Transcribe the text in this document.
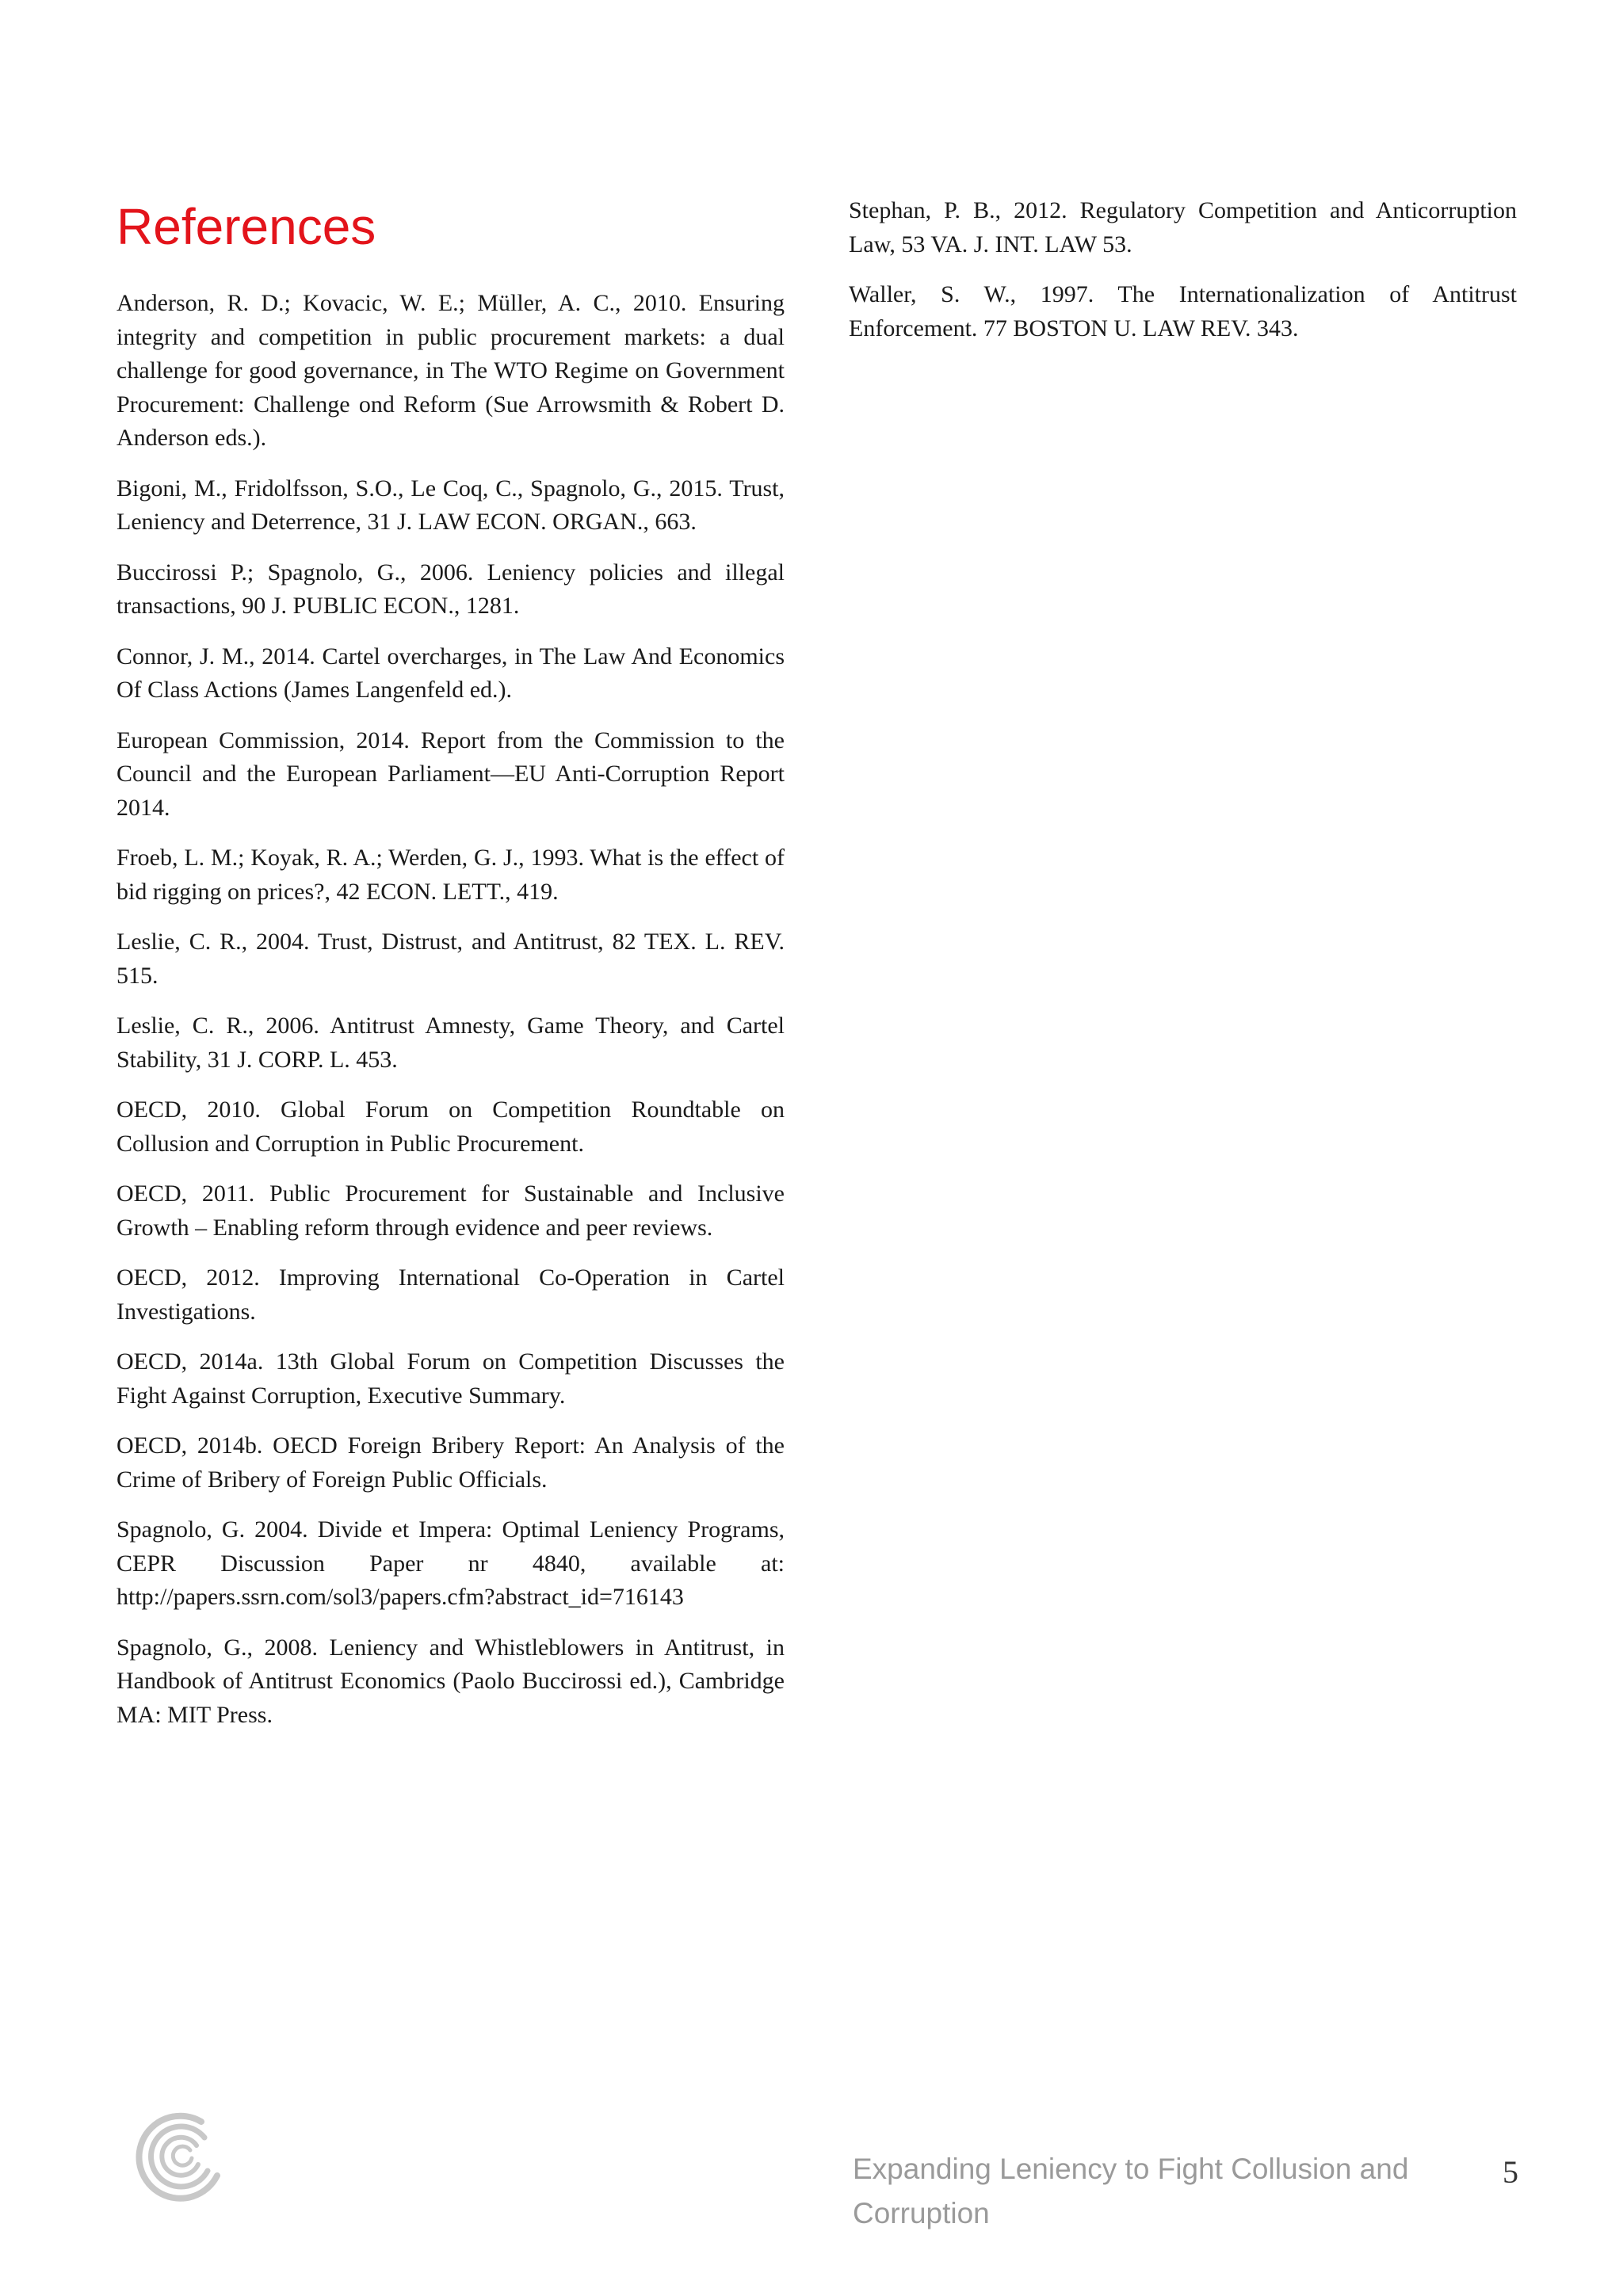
References
Anderson, R. D.; Kovacic, W. E.; Müller, A. C., 2010. Ensuring integrity and competition in public procurement markets: a dual challenge for good governance, in The WTO Regime on Government Procurement: Challenge ond Reform (Sue Arrowsmith & Robert D. Anderson eds.).
Bigoni, M., Fridolfsson, S.O., Le Coq, C., Spagnolo, G., 2015. Trust, Leniency and Deterrence, 31 J. LAW ECON. ORGAN., 663.
Buccirossi P.; Spagnolo, G., 2006. Leniency policies and illegal transactions, 90 J. PUBLIC ECON., 1281.
Connor, J. M., 2014. Cartel overcharges, in The Law And Economics Of Class Actions (James Langenfeld ed.).
European Commission, 2014. Report from the Commission to the Council and the European Parliament—EU Anti-Corruption Report 2014.
Froeb, L. M.; Koyak, R. A.; Werden, G. J., 1993. What is the effect of bid rigging on prices?, 42 ECON. LETT., 419.
Leslie, C. R., 2004. Trust, Distrust, and Antitrust, 82 TEX. L. REV. 515.
Leslie, C. R., 2006. Antitrust Amnesty, Game Theory, and Cartel Stability, 31 J. CORP. L. 453.
OECD, 2010. Global Forum on Competition Roundtable on Collusion and Corruption in Public Procurement.
OECD, 2011. Public Procurement for Sustainable and Inclusive Growth – Enabling reform through evidence and peer reviews.
OECD, 2012. Improving International Co-Operation in Cartel Investigations.
OECD, 2014a. 13th Global Forum on Competition Discusses the Fight Against Corruption, Executive Summary.
OECD, 2014b. OECD Foreign Bribery Report: An Analysis of the Crime of Bribery of Foreign Public Officials.
Spagnolo, G. 2004. Divide et Impera: Optimal Leniency Programs, CEPR Discussion Paper nr 4840, available at: http://papers.ssrn.com/sol3/papers.cfm?abstract_id=716143
Spagnolo, G., 2008. Leniency and Whistleblowers in Antitrust, in Handbook of Antitrust Economics (Paolo Buccirossi ed.), Cambridge MA: MIT Press.
Stephan, P. B., 2012. Regulatory Competition and Anticorruption Law, 53 VA. J. INT. LAW 53.
Waller, S. W., 1997. The Internationalization of Antitrust Enforcement. 77 BOSTON U. LAW REV. 343.
Expanding Leniency to Fight Collusion and Corruption
5
